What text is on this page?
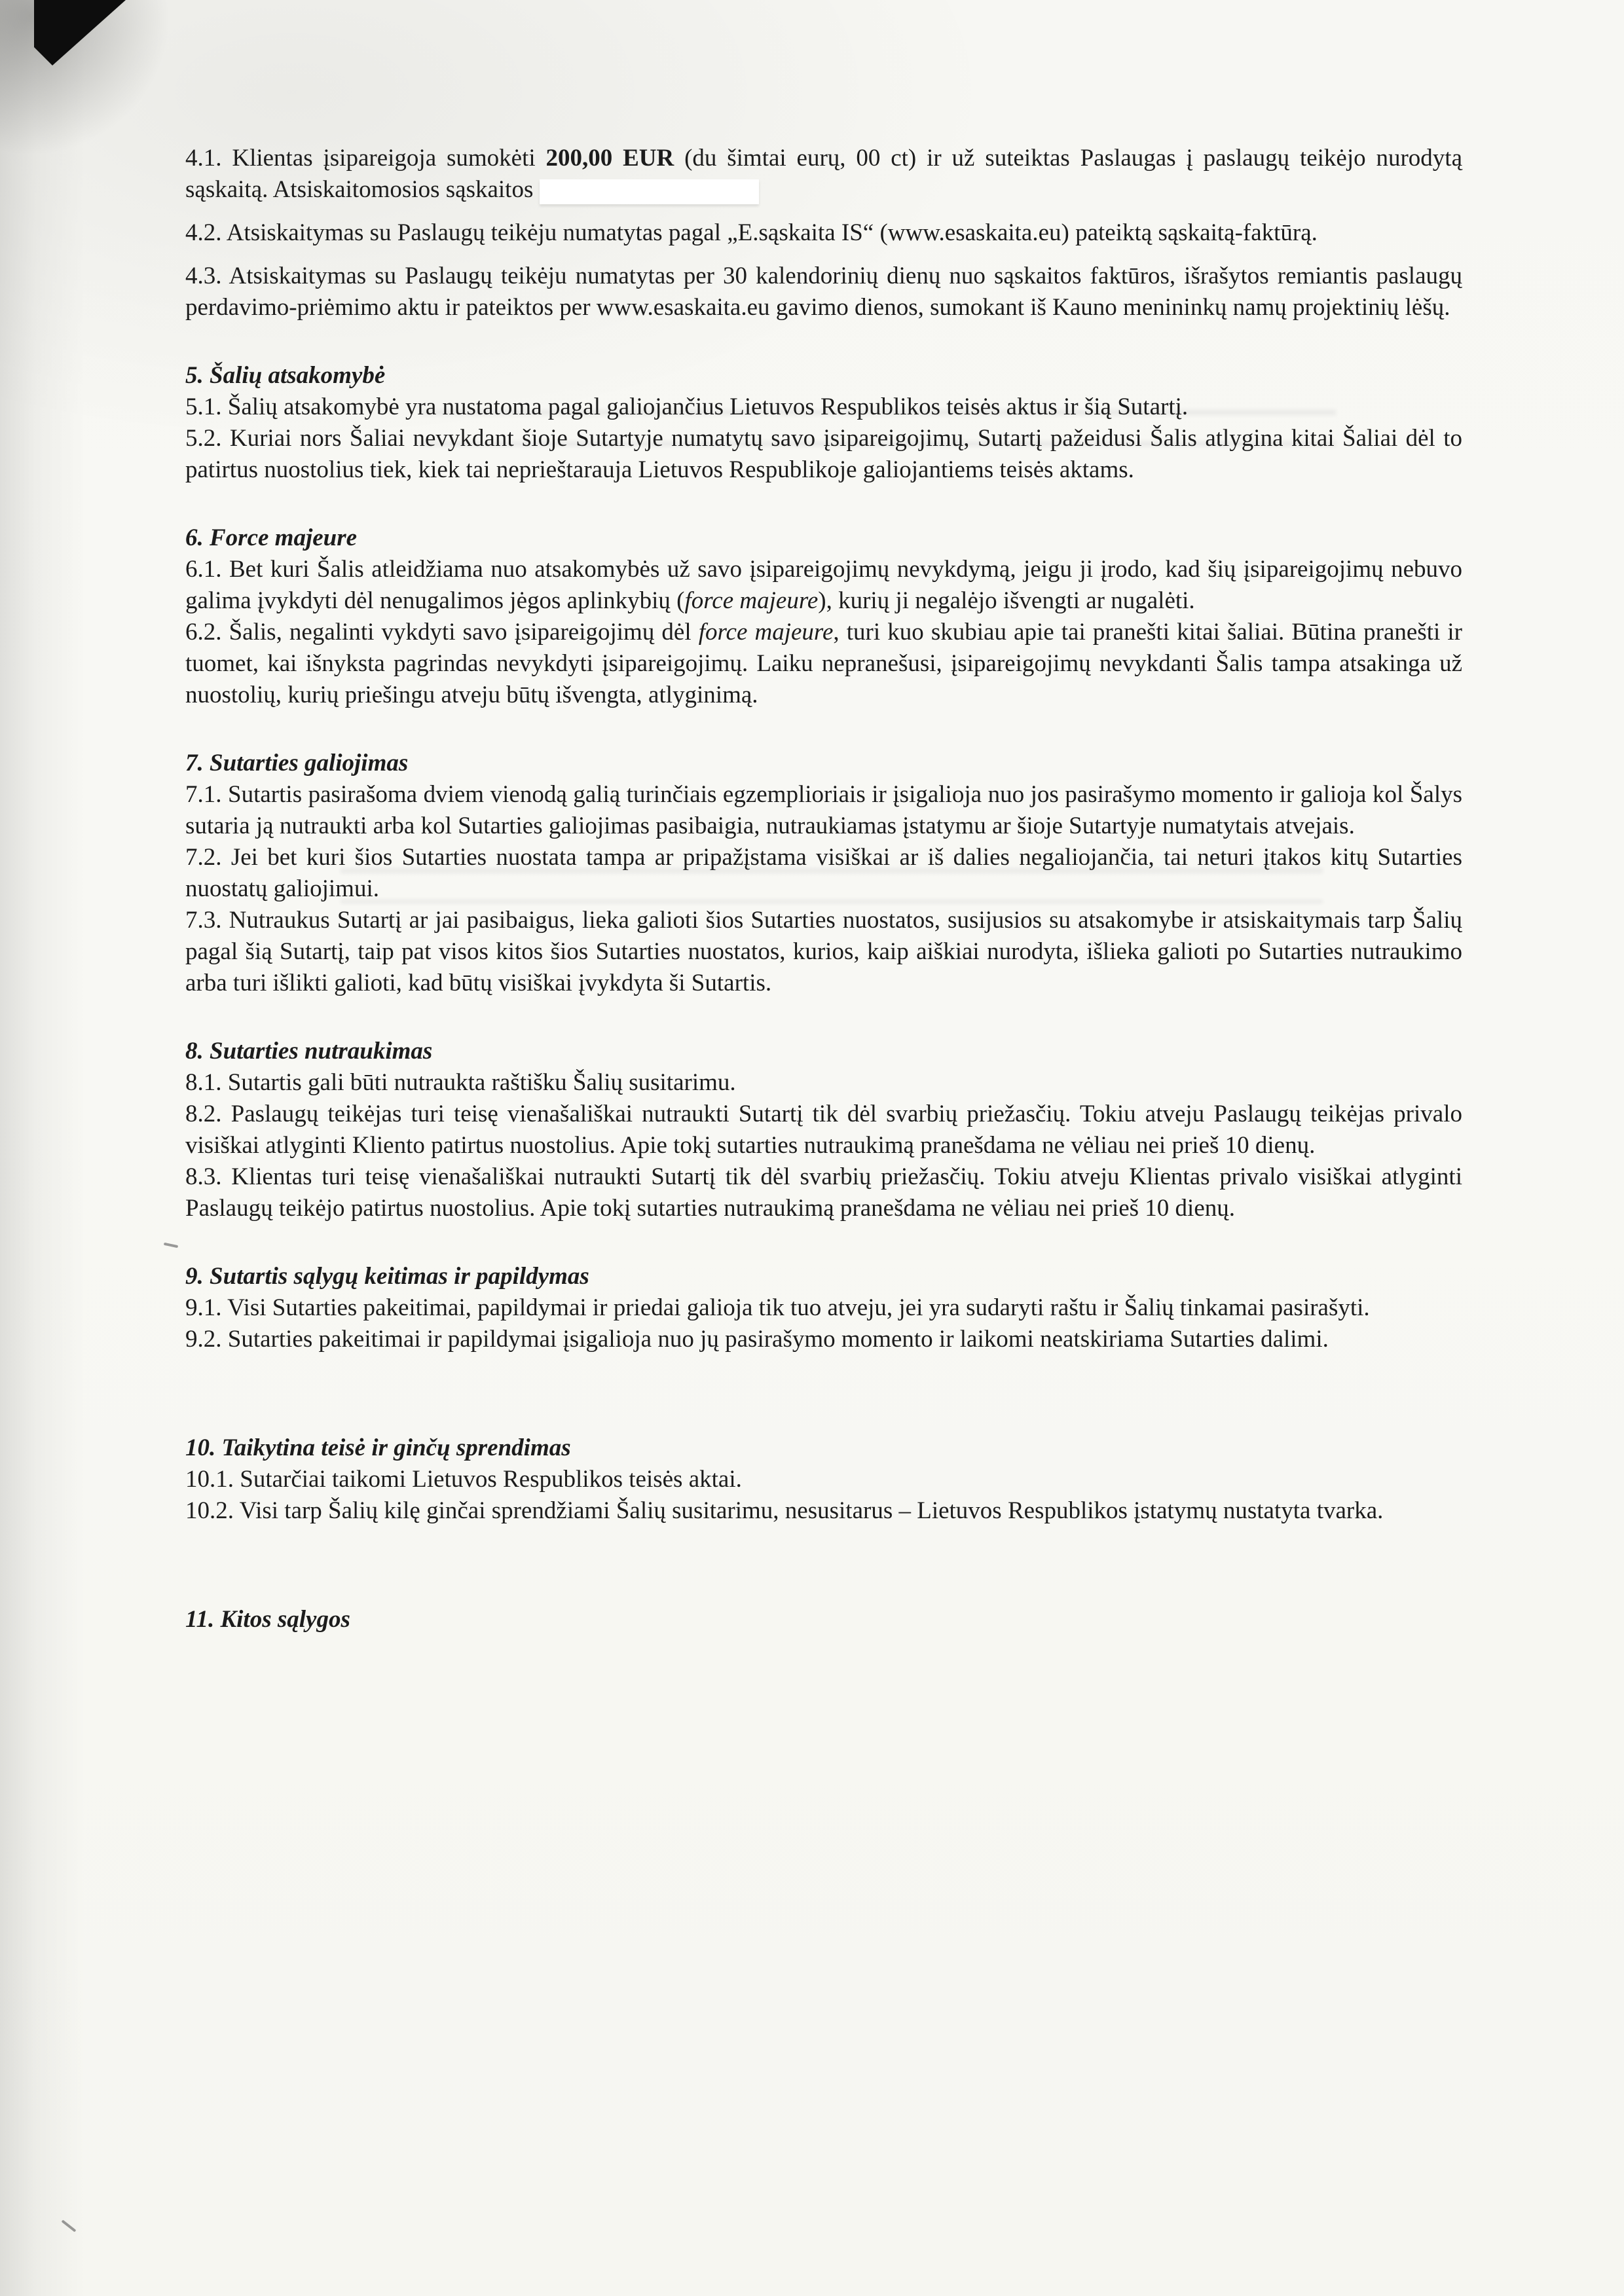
4.1. Klientas įsipareigoja sumokėti 200,00 EUR (du šimtai eurų, 00 ct) ir už suteiktas Paslaugas į paslaugų teikėjo nurodytą sąskaitą. Atsiskaitomosios sąskaitos

4.2. Atsiskaitymas su Paslaugų teikėju numatytas pagal „E.sąskaita IS“ (www.esaskaita.eu) pateiktą sąskaitą-faktūrą.

4.3. Atsiskaitymas su Paslaugų teikėju numatytas per 30 kalendorinių dienų nuo sąskaitos faktūros, išrašytos remiantis paslaugų perdavimo-priėmimo aktu ir pateiktos per www.esaskaita.eu gavimo dienos, sumokant iš Kauno menininkų namų projektinių lėšų.

5. Šalių atsakomybė

5.1. Šalių atsakomybė yra nustatoma pagal galiojančius Lietuvos Respublikos teisės aktus ir šią Sutartį.

5.2. Kuriai nors Šaliai nevykdant šioje Sutartyje numatytų savo įsipareigojimų, Sutartį pažeidusi Šalis atlygina kitai Šaliai dėl to patirtus nuostolius tiek, kiek tai neprieštarauja Lietuvos Respublikoje galiojantiems teisės aktams.

6. Force majeure

6.1. Bet kuri Šalis atleidžiama nuo atsakomybės už savo įsipareigojimų nevykdymą, jeigu ji įrodo, kad šių įsipareigojimų nebuvo galima įvykdyti dėl nenugalimos jėgos aplinkybių (force majeure), kurių ji negalėjo išvengti ar nugalėti.

6.2. Šalis, negalinti vykdyti savo įsipareigojimų dėl force majeure, turi kuo skubiau apie tai pranešti kitai šaliai. Būtina pranešti ir tuomet, kai išnyksta pagrindas nevykdyti įsipareigojimų. Laiku nepranešusi, įsipareigojimų nevykdanti Šalis tampa atsakinga už nuostolių, kurių priešingu atveju būtų išvengta, atlyginimą.

7. Sutarties galiojimas

7.1. Sutartis pasirašoma dviem vienodą galią turinčiais egzemplioriais ir įsigalioja nuo jos pasirašymo momento ir galioja kol Šalys sutaria ją nutraukti arba kol Sutarties galiojimas pasibaigia, nutraukiamas įstatymu ar šioje Sutartyje numatytais atvejais.

7.2. Jei bet kuri šios Sutarties nuostata tampa ar pripažįstama visiškai ar iš dalies negaliojančia, tai neturi įtakos kitų Sutarties nuostatų galiojimui.

7.3. Nutraukus Sutartį ar jai pasibaigus, lieka galioti šios Sutarties nuostatos, susijusios su atsakomybe ir atsiskaitymais tarp Šalių pagal šią Sutartį, taip pat visos kitos šios Sutarties nuostatos, kurios, kaip aiškiai nurodyta, išlieka galioti po Sutarties nutraukimo arba turi išlikti galioti, kad būtų visiškai įvykdyta ši Sutartis.

8. Sutarties nutraukimas

8.1. Sutartis gali būti nutraukta raštišku Šalių susitarimu.

8.2. Paslaugų teikėjas turi teisę vienašališkai nutraukti Sutartį tik dėl svarbių priežasčių. Tokiu atveju Paslaugų teikėjas privalo visiškai atlyginti Kliento patirtus nuostolius. Apie tokį sutarties nutraukimą pranešdama ne vėliau nei prieš 10 dienų.

8.3. Klientas turi teisę vienašališkai nutraukti Sutartį tik dėl svarbių priežasčių. Tokiu atveju Klientas privalo visiškai atlyginti Paslaugų teikėjo patirtus nuostolius. Apie tokį sutarties nutraukimą pranešdama ne vėliau nei prieš 10 dienų.

9. Sutartis sąlygų keitimas ir papildymas

9.1. Visi Sutarties pakeitimai, papildymai ir priedai galioja tik tuo atveju, jei yra sudaryti raštu ir Šalių tinkamai pasirašyti.

9.2. Sutarties pakeitimai ir papildymai įsigalioja nuo jų pasirašymo momento ir laikomi neatskiriama Sutarties dalimi.

10. Taikytina teisė ir ginčų sprendimas

10.1. Sutarčiai taikomi Lietuvos Respublikos teisės aktai.

10.2. Visi tarp Šalių kilę ginčai sprendžiami Šalių susitarimu, nesusitarus – Lietuvos Respublikos įstatymų nustatyta tvarka.

11. Kitos sąlygos
